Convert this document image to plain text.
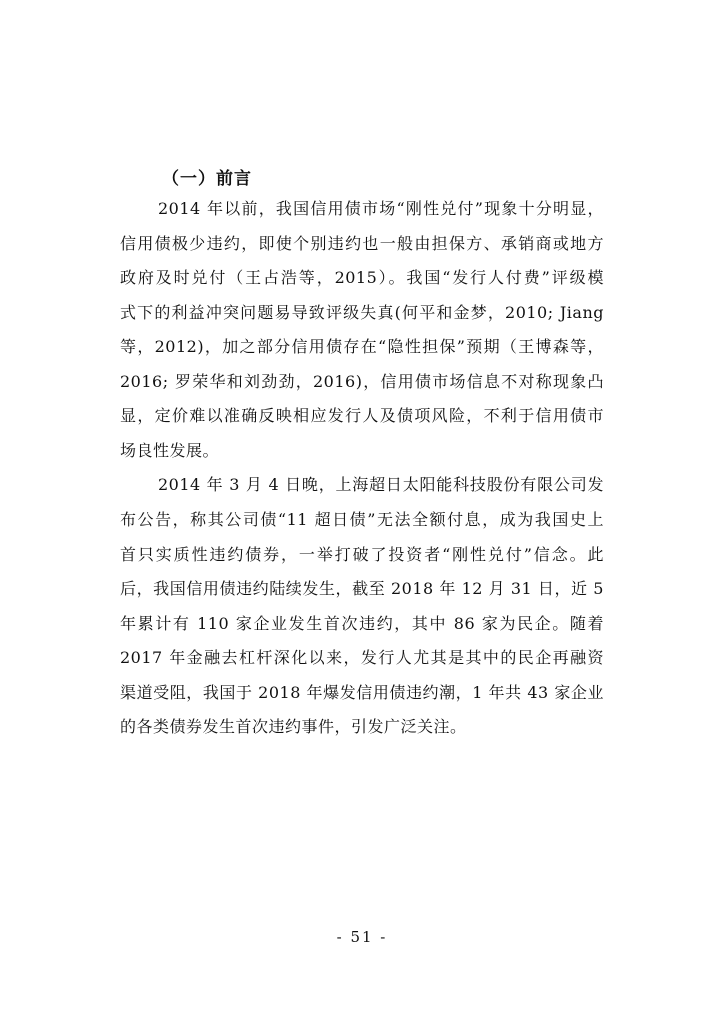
（一）前言
2014 年以前，我国信用债市场“刚性兑付”现象十分明显，
信用债极少违约，即使个别违约也一般由担保方、承销商或地方
政府及时兑付（王占浩等，2015）。我国“发行人付费”评级模
式下的利益冲突问题易导致评级失真(何平和金梦，2010; Jiang
等，2012)，加之部分信用债存在“隐性担保”预期（王博森等，
2016; 罗荣华和刘劲劲，2016)，信用债市场信息不对称现象凸
显，定价难以准确反映相应发行人及债项风险，不利于信用债市
场良性发展。
2014 年 3 月 4 日晚，上海超日太阳能科技股份有限公司发
布公告，称其公司债“11 超日债”无法全额付息，成为我国史上
首只实质性违约债券，一举打破了投资者“刚性兑付”信念。此
后，我国信用债违约陆续发生，截至 2018 年 12 月 31 日，近 5
年累计有 110 家企业发生首次违约，其中 86 家为民企。随着
2017 年金融去杠杆深化以来，发行人尤其是其中的民企再融资
渠道受阻，我国于 2018 年爆发信用债违约潮，1 年共 43 家企业
的各类债券发生首次违约事件，引发广泛关注。
- 51 -
